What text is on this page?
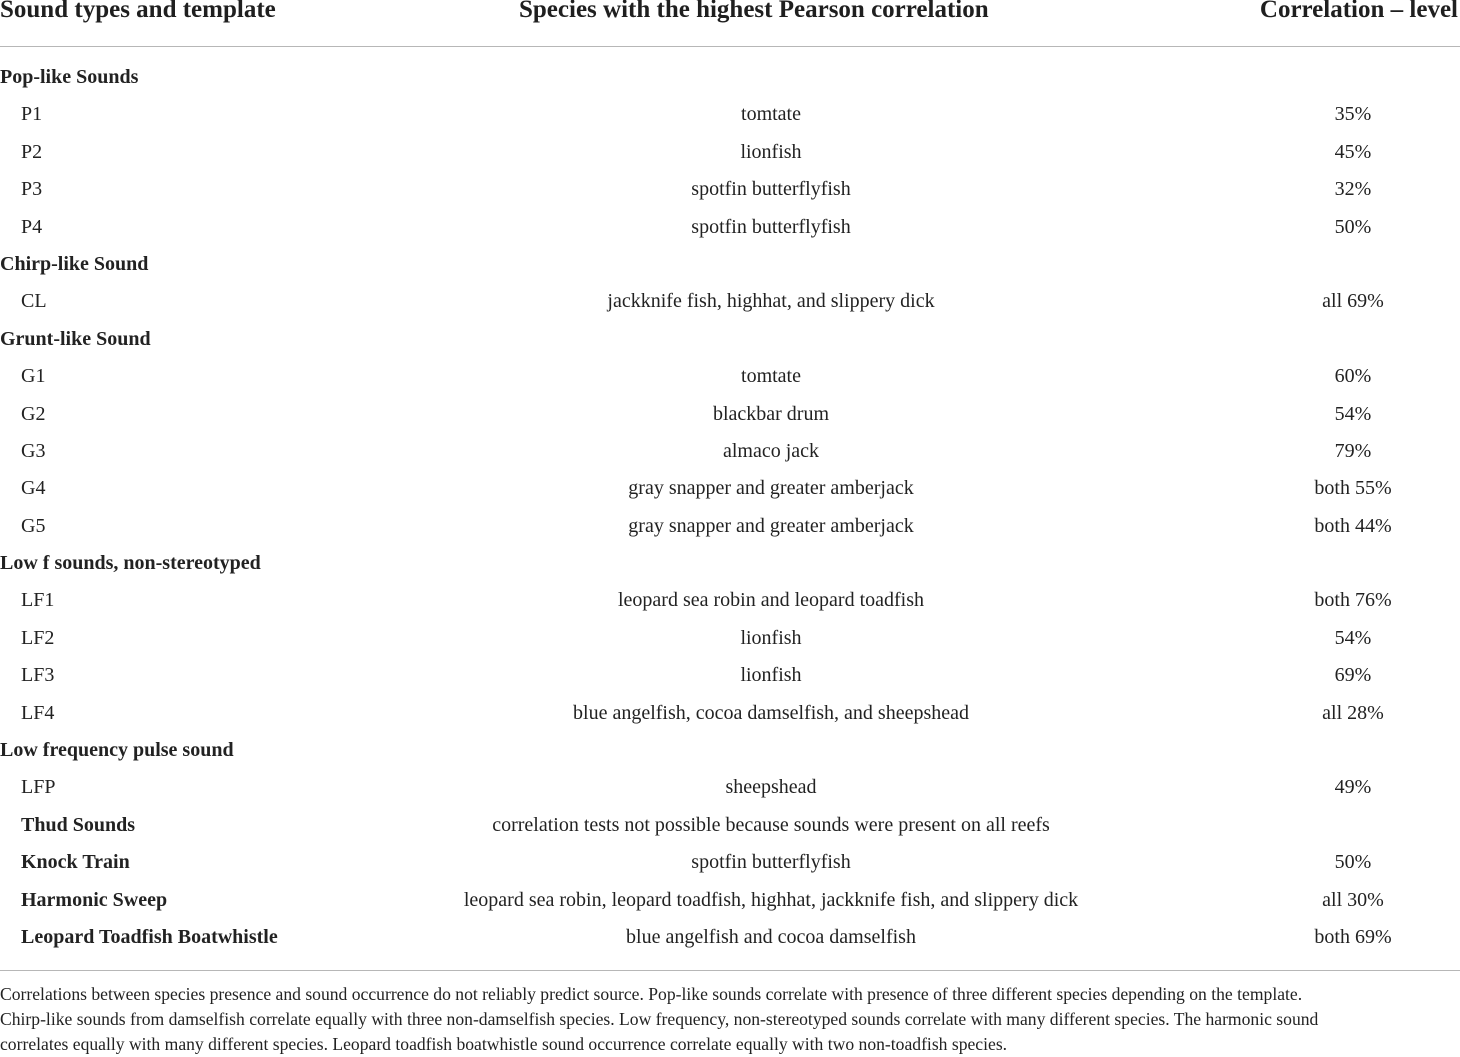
Sound types and template	Species with the highest Pearson correlation	Correlation – level
Pop-like Sounds
P1	tomtate	35%
P2	lionfish	45%
P3	spotfin butterflyfish	32%
P4	spotfin butterflyfish	50%
Chirp-like Sound
CL	jackknife fish, highhat, and slippery dick	all 69%
Grunt-like Sound
G1	tomtate	60%
G2	blackbar drum	54%
G3	almaco jack	79%
G4	gray snapper and greater amberjack	both 55%
G5	gray snapper and greater amberjack	both 44%
Low f sounds, non-stereotyped
LF1	leopard sea robin and leopard toadfish	both 76%
LF2	lionfish	54%
LF3	lionfish	69%
LF4	blue angelfish, cocoa damselfish, and sheepshead	all 28%
Low frequency pulse sound
LFP	sheepshead	49%
Thud Sounds	correlation tests not possible because sounds were present on all reefs
Knock Train	spotfin butterflyfish	50%
Harmonic Sweep	leopard sea robin, leopard toadfish, highhat, jackknife fish, and slippery dick	all 30%
Leopard Toadfish Boatwhistle	blue angelfish and cocoa damselfish	both 69%
Correlations between species presence and sound occurrence do not reliably predict source. Pop-like sounds correlate with presence of three different species depending on the template.
Chirp-like sounds from damselfish correlate equally with three non-damselfish species. Low frequency, non-stereotyped sounds correlate with many different species. The harmonic sound
correlates equally with many different species. Leopard toadfish boatwhistle sound occurrence correlate equally with two non-toadfish species.
